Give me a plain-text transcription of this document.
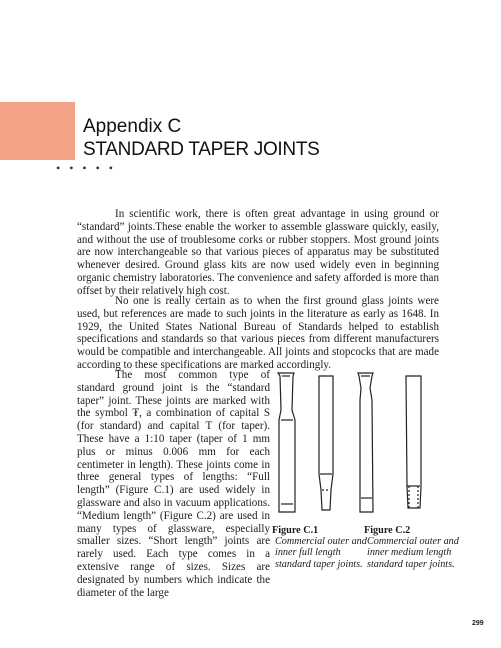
Appendix C
STANDARD TAPER JOINTS
• • • • •

In scientific work, there is often great advantage in using ground or “standard” joints.These enable the worker to assemble glassware quickly, easily, and without the use of troublesome corks or rubber stoppers. Most ground joints are now interchangeable so that various pieces of apparatus may be substituted whenever desired. Ground glass kits are now used widely even in beginning organic chemistry laboratories. The convenience and safety afforded is more than offset by their relatively high cost.

No one is really certain as to when the first ground glass joints were used, but references are made to such joints in the literature as early as 1648. In 1929, the United States National Bureau of Standards helped to establish specifications and standards so that various pieces from different manufacturers would be compatible and interchangeable. All joints and stopcocks that are made according to these specifications are marked accordingly.

The most common type of standard ground joint is the “standard taper” joint. These joints are marked with the symbol ₮, a combination of capital S (for standard) and capital T (for taper). These have a 1:10 taper (taper of 1 mm plus or minus 0.006 mm for each centimeter in length). These joints come in three general types of lengths: “Full length” (Figure C.1) are used widely in glassware and also in vacuum applications. “Medium length” (Figure C.2) are used in many types of glassware, especially smaller sizes. “Short length” joints are rarely used. Each type comes in a extensive range of sizes. Sizes are designated by numbers which indicate the diameter of the large

Figure C.1
Commercial outer and inner full length standard taper joints.
Figure C.2
Commercial outer and inner medium length standard taper joints.
299
